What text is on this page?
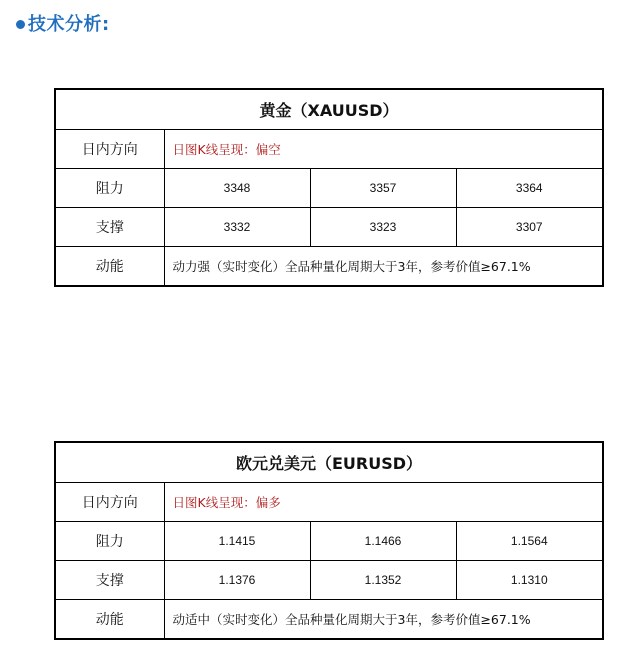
技术分析:
黄金（XAUUSD）			
日内方向	日图K线呈现：偏空		
阻力	3348	3357	3364
支撑	3332	3323	3307
动能	动力强（实时变化）全品种量化周期大于3年，参考价值≥67.1%		
欧元兑美元（EURUSD）			
日内方向	日图K线呈现：偏多		
阻力	1.1415	1.1466	1.1564
支撑	1.1376	1.1352	1.1310
动能	动适中（实时变化）全品种量化周期大于3年，参考价值≥67.1%		
